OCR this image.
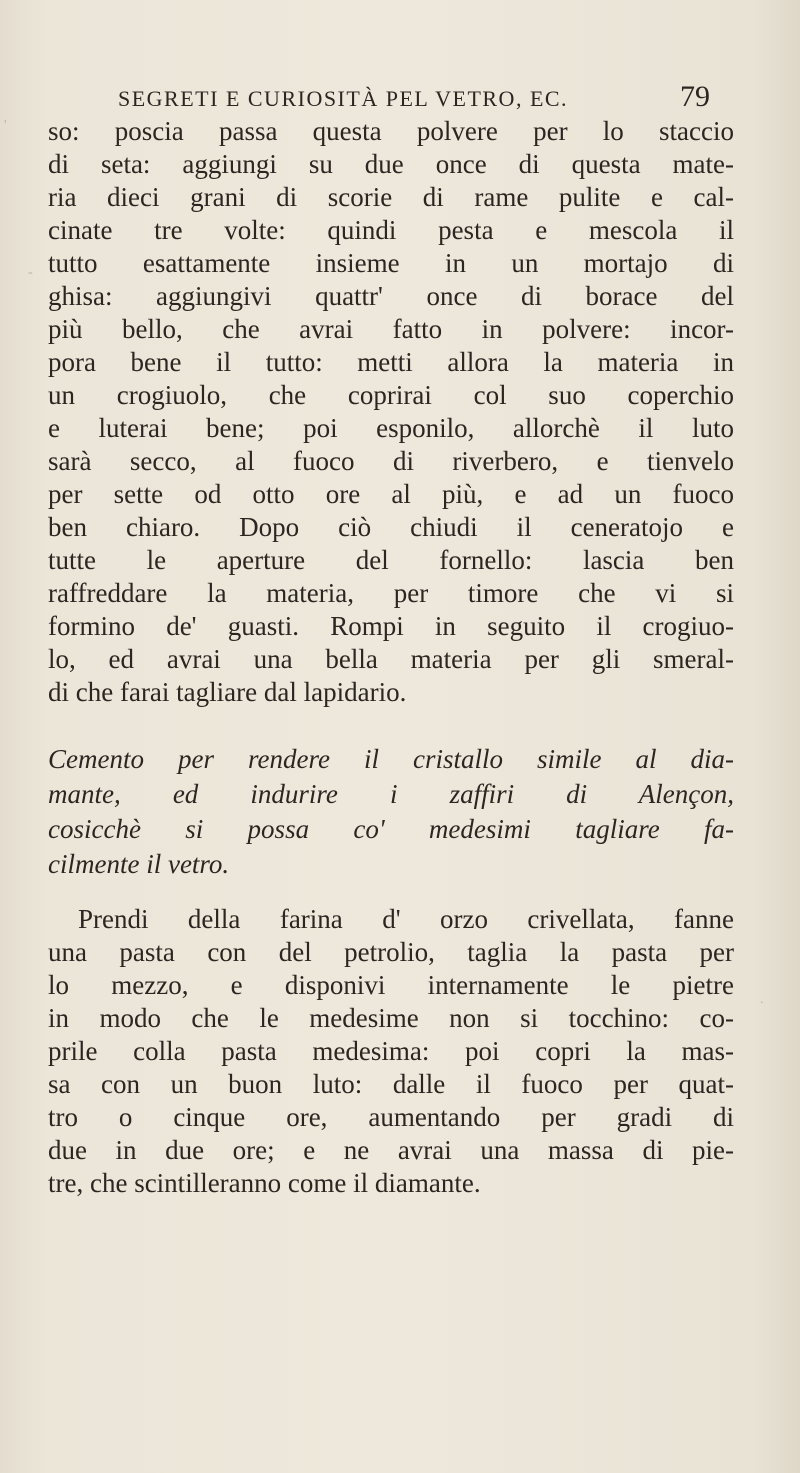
SEGRETI E CURIOSITÀ PEL VETRO, EC.	79
so: poscia passa questa polvere per lo staccio
di seta: aggiungi su due once di questa mate-
ria dieci grani di scorie di rame pulite e cal-
cinate tre volte: quindi pesta e mescola il
tutto esattamente insieme in un mortajo di
ghisa: aggiungivi quattr' once di borace del
più bello, che avrai fatto in polvere: incor-
pora bene il tutto: metti allora la materia in
un crogiuolo, che coprirai col suo coperchio
e luterai bene; poi esponilo, allorchè il luto
sarà secco, al fuoco di riverbero, e tienvelo
per sette od otto ore al più, e ad un fuoco
ben chiaro. Dopo ciò chiudi il ceneratojo e
tutte le aperture del fornello: lascia ben
raffreddare la materia, per timore che vi si
formino de' guasti. Rompi in seguito il crogiuo-
lo, ed avrai una bella materia per gli smeral-
di che farai tagliare dal lapidario.
Cemento per rendere il cristallo simile al dia-
mante, ed indurire i zaffiri di Alençon,
cosicchè si possa co' medesimi tagliare fa-
cilmente il vetro.
Prendi della farina d' orzo crivellata, fanne
una pasta con del petrolio, taglia la pasta per
lo mezzo, e disponivi internamente le pietre
in modo che le medesime non si tocchino: co-
prile colla pasta medesima: poi copri la mas-
sa con un buon luto: dalle il fuoco per quat-
tro o cinque ore, aumentando per gradi di
due in due ore; e ne avrai una massa di pie-
tre, che scintilleranno come il diamante.
'
-
.
